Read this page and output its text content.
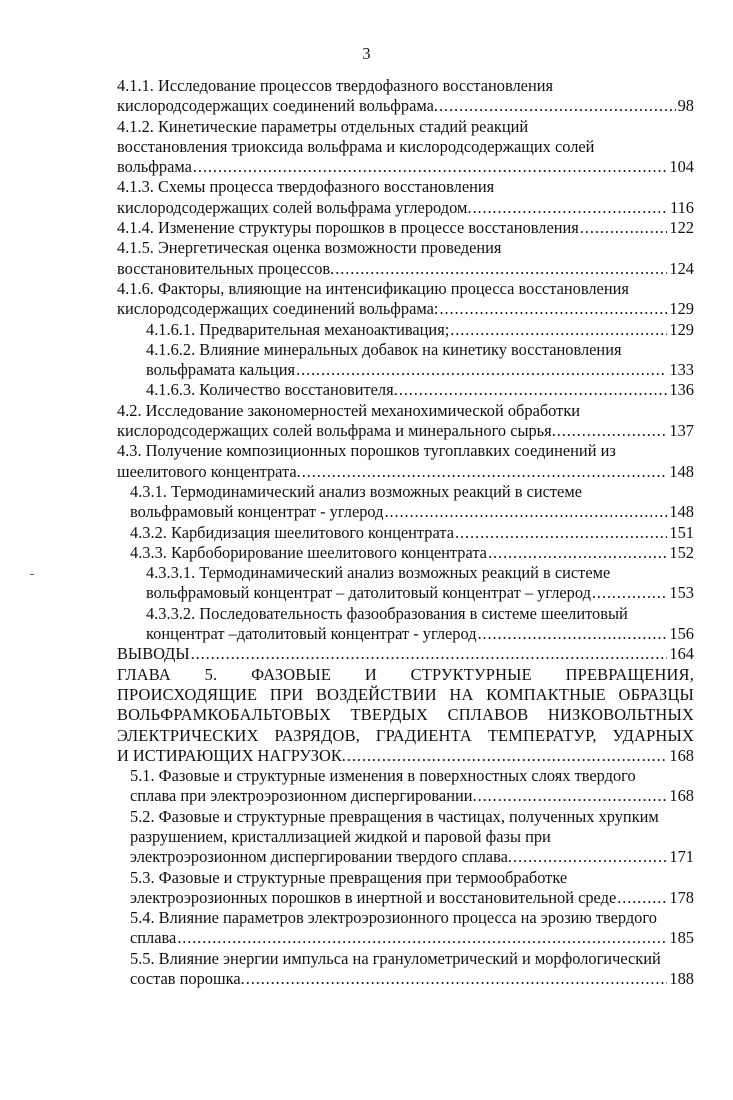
3
4.1.1. Исследование процессов твердофазного восстановления
кислородсодержащих соединений вольфрама. . . .	98
4.1.2. Кинетические параметры отдельных стадий реакций
восстановления триоксида вольфрама и кислородсодержащих солей
вольфрама . . .	104
4.1.3. Схемы процесса твердофазного восстановления
кислородсодержащих солей вольфрама углеродом. . . .	116
4.1.4. Изменение структуры порошков в процессе восстановления . . .	122
4.1.5. Энергетическая оценка возможности проведения
восстановительных процессов. . . .	124
4.1.6. Факторы, влияющие на интенсификацию процесса восстановления
кислородсодержащих соединений вольфрама: . . .	129
4.1.6.1. Предварительная механоактивация; . . .	129
4.1.6.2. Влияние минеральных добавок на кинетику восстановления
вольфрамата кальция . . .	133
4.1.6.3. Количество восстановителя. . . .	136
4.2. Исследование закономерностей механохимической обработки
кислородсодержащих солей вольфрама и минерального сырья. . . .	137
4.3. Получение композиционных порошков тугоплавких соединений из
шеелитового концентрата. . . .	148
4.3.1. Термодинамический анализ возможных реакций в системе
вольфрамовый концентрат - углерод . . .	148
4.3.2. Карбидизация шеелитового концентрата . . .	151
4.3.3. Карбоборирование шеелитового концентрата . . .	152
4.3.3.1. Термодинамический анализ возможных реакций в системе
вольфрамовый концентрат – датолитовый концентрат – углерод . . .	153
4.3.3.2. Последовательность фазообразования в системе шеелитовый
концентрат –датолитовый концентрат - углерод . . .	156
ВЫВОДЫ . . .	164
ГЛАВА 5. ФАЗОВЫЕ И СТРУКТУРНЫЕ ПРЕВРАЩЕНИЯ,
ПРОИСХОДЯЩИЕ ПРИ ВОЗДЕЙСТВИИ НА КОМПАКТНЫЕ ОБРАЗЦЫ
ВОЛЬФРАМКОБАЛЬТОВЫХ ТВЕРДЫХ СПЛАВОВ НИЗКОВОЛЬТНЫХ
ЭЛЕКТРИЧЕСКИХ РАЗРЯДОВ, ГРАДИЕНТА ТЕМПЕРАТУР, УДАРНЫХ
И ИСТИРАЮЩИХ НАГРУЗОК. . . .	168
5.1. Фазовые и структурные изменения в поверхностных слоях твердого
сплава при электроэрозионном диспергировании. . . .	168
5.2. Фазовые и структурные превращения в частицах, полученных хрупким
разрушением, кристаллизацией жидкой и паровой фазы при
электроэрозионном диспергировании твердого сплава. . . .	171
5.3. Фазовые и структурные превращения при термообработке
электроэрозионных порошков в инертной и восстановительной среде . . .	178
5.4. Влияние параметров электроэрозионного процесса на эрозию твердого
сплава . . .	185
5.5. Влияние энергии импульса на гранулометрический и морфологический
состав порошка. . . .	188
